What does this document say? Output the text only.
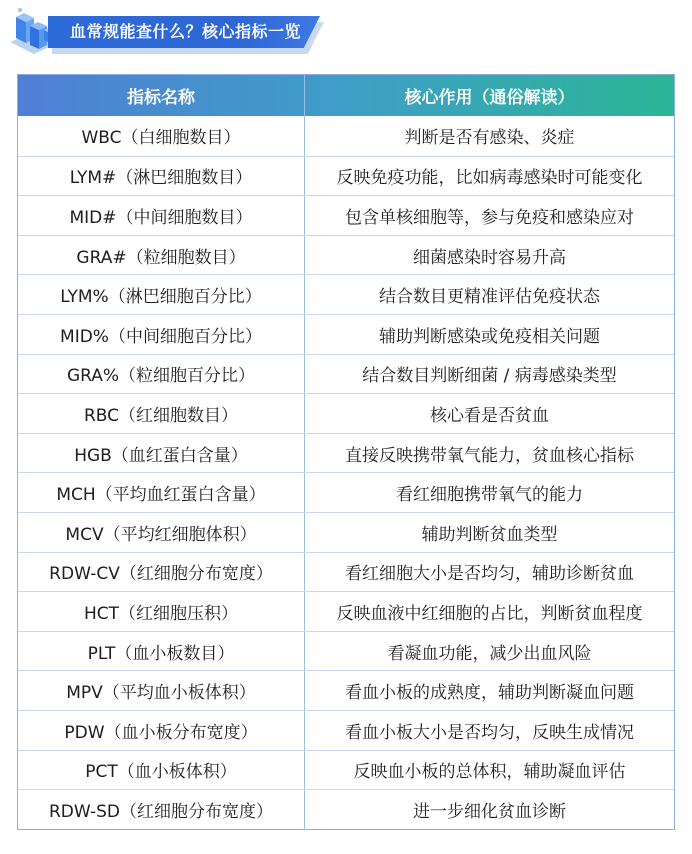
血常规能查什么？核心指标一览
指标名称	核心作用（通俗解读）
WBC（白细胞数目）	判断是否有感染、炎症
LYM#（淋巴细胞数目）	反映免疫功能，比如病毒感染时可能变化
MID#（中间细胞数目）	包含单核细胞等，参与免疫和感染应对
GRA#（粒细胞数目）	细菌感染时容易升高
LYM%（淋巴细胞百分比）	结合数目更精准评估免疫状态
MID%（中间细胞百分比）	辅助判断感染或免疫相关问题
GRA%（粒细胞百分比）	结合数目判断细菌 / 病毒感染类型
RBC（红细胞数目）	核心看是否贫血
HGB（血红蛋白含量）	直接反映携带氧气能力，贫血核心指标
MCH（平均血红蛋白含量）	看红细胞携带氧气的能力
MCV（平均红细胞体积）	辅助判断贫血类型
RDW-CV（红细胞分布宽度）	看红细胞大小是否均匀，辅助诊断贫血
HCT（红细胞压积）	反映血液中红细胞的占比，判断贫血程度
PLT（血小板数目）	看凝血功能，减少出血风险
MPV（平均血小板体积）	看血小板的成熟度，辅助判断凝血问题
PDW（血小板分布宽度）	看血小板大小是否均匀，反映生成情况
PCT（血小板体积）	反映血小板的总体积，辅助凝血评估
RDW-SD（红细胞分布宽度）	进一步细化贫血诊断
